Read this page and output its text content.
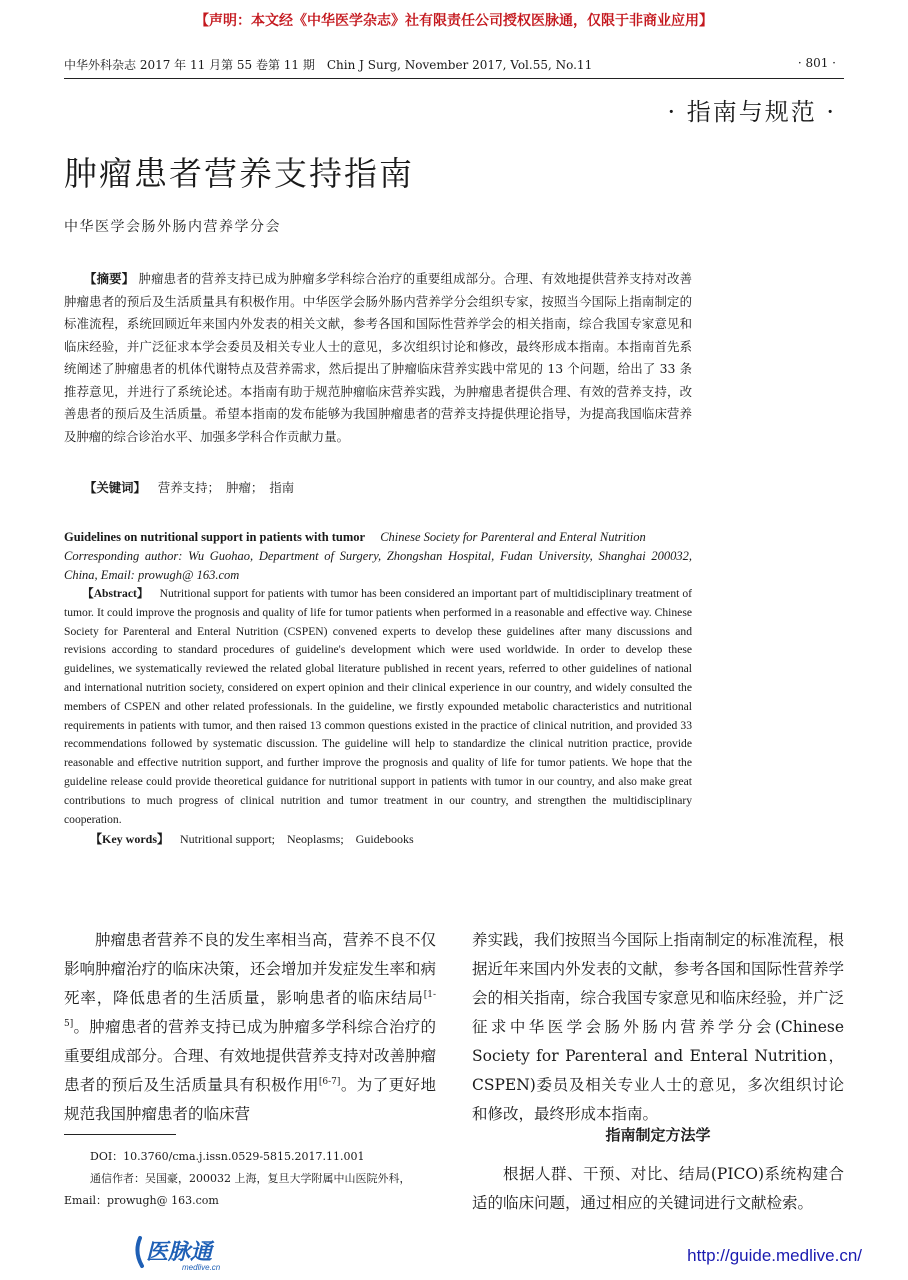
【声明：本文经《中华医学杂志》社有限责任公司授权医脉通，仅限于非商业应用】
中华外科杂志 2017 年 11 月第 55 卷第 11 期　Chin J Surg, November 2017, Vol.55, No.11	· 801 ·
· 指南与规范 ·
肿瘤患者营养支持指南
中华医学会肠外肠内营养学分会

【摘要】 肿瘤患者的营养支持已成为肿瘤多学科综合治疗的重要组成部分。合理、有效地提供营养支持对改善肿瘤患者的预后及生活质量具有积极作用。中华医学会肠外肠内营养学分会组织专家，按照当今国际上指南制定的标准流程，系统回顾近年来国内外发表的相关文献，参考各国和国际性营养学会的相关指南，综合我国专家意见和临床经验，并广泛征求本学会委员及相关专业人士的意见，多次组织讨论和修改，最终形成本指南。本指南首先系统阐述了肿瘤患者的机体代谢特点及营养需求，然后提出了肿瘤临床营养实践中常见的 13 个问题，给出了 33 条推荐意见，并进行了系统论述。本指南有助于规范肿瘤临床营养实践，为肿瘤患者提供合理、有效的营养支持，改善患者的预后及生活质量。希望本指南的发布能够为我国肿瘤患者的营养支持提供理论指导，为提高我国临床营养及肿瘤的综合诊治水平、加强多学科合作贡献力量。

【关键词】 营养支持；　肿瘤；　指南
Guidelines on nutritional support in patients with tumor Chinese Society for Parenteral and Enteral Nutrition
Corresponding author: Wu Guohao, Department of Surgery, Zhongshan Hospital, Fudan University, Shanghai 200032, China, Email: prowugh@ 163.com

【Abstract】 Nutritional support for patients with tumor has been considered an important part of multidisciplinary treatment of tumor. It could improve the prognosis and quality of life for tumor patients when performed in a reasonable and effective way. Chinese Society for Parenteral and Enteral Nutrition (CSPEN) convened experts to develop these guidelines after many discussions and revisions according to standard procedures of guideline's development which were used worldwide. In order to develop these guidelines, we systematically reviewed the related global literature published in recent years, referred to other guidelines of national and international nutrition society, considered on expert opinion and their clinical experience in our country, and widely consulted the members of CSPEN and other related professionals. In the guideline, we firstly expounded metabolic characteristics and nutritional requirements in patients with tumor, and then raised 13 common questions existed in the practice of clinical nutrition, and provided 33 recommendations followed by systematic discussion. The guideline will help to standardize the clinical nutrition practice, provide reasonable and effective nutrition support, and further improve the prognosis and quality of life for tumor patients. We hope that the guideline release could provide theoretical guidance for nutritional support in patients with tumor in our country, and also make great contributions to much progress of clinical nutrition and tumor treatment in our country, and strengthen the multidisciplinary cooperation.

【Key words】 Nutritional support;　Neoplasms;　Guidebooks

肿瘤患者营养不良的发生率相当高，营养不良不仅影响肿瘤治疗的临床决策，还会增加并发症发生率和病死率，降低患者的生活质量，影响患者的临床结局[1-5]。肿瘤患者的营养支持已成为肿瘤多学科综合治疗的重要组成部分。合理、有效地提供营养支持对改善肿瘤患者的预后及生活质量具有积极作用[6-7]。为了更好地规范我国肿瘤患者的临床营

养实践，我们按照当今国际上指南制定的标准流程，根据近年来国内外发表的文献，参考各国和国际性营养学会的相关指南，综合我国专家意见和临床经验，并广泛征求中华医学会肠外肠内营养学分会(Chinese Society for Parenteral and Enteral Nutrition，CSPEN)委员及相关专业人士的意见，多次组织讨论和修改，最终形成本指南。

指南制定方法学

根据人群、干预、对比、结局(PICO)系统构建合适的临床问题，通过相应的关键词进行文献检索。

DOI：10.3760/cma.j.issn.0529-5815.2017.11.001
通信作者：吴国豪，200032 上海，复旦大学附属中山医院外科，
Email：prowugh@ 163.com
医脉通
medlive.cn
http://guide.medlive.cn/
